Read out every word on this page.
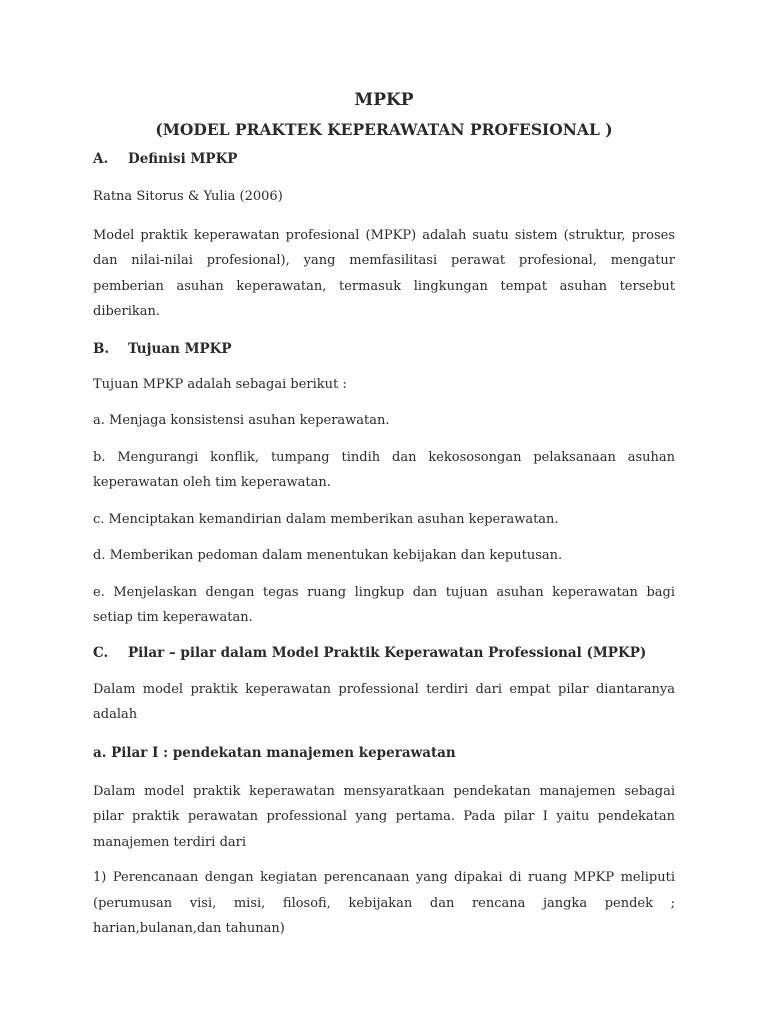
MPKP
(MODEL PRAKTEK KEPERAWATAN PROFESIONAL )
A.	Definisi MPKP

Ratna Sitorus & Yulia (2006)

Model praktik keperawatan profesional (MPKP) adalah suatu sistem (struktur, proses dan nilai-nilai profesional), yang memfasilitasi perawat profesional, mengatur pemberian asuhan keperawatan, termasuk lingkungan tempat asuhan tersebut diberikan.

B.	Tujuan MPKP

Tujuan MPKP adalah sebagai berikut :

a. Menjaga konsistensi asuhan keperawatan.

b. Mengurangi konflik, tumpang tindih dan kekososongan pelaksanaan asuhan keperawatan oleh tim keperawatan.

c. Menciptakan kemandirian dalam memberikan asuhan keperawatan.

d. Memberikan pedoman dalam menentukan kebijakan dan keputusan.

e. Menjelaskan dengan tegas ruang lingkup dan tujuan asuhan keperawatan bagi setiap tim keperawatan.

C.	Pilar – pilar dalam Model Praktik Keperawatan Professional (MPKP)

Dalam model praktik keperawatan professional terdiri dari empat pilar diantaranya adalah

a. Pilar I : pendekatan manajemen keperawatan

Dalam model praktik keperawatan mensyaratkaan pendekatan manajemen sebagai pilar praktik perawatan professional yang pertama. Pada pilar I yaitu pendekatan manajemen terdiri dari

1) Perencanaan dengan kegiatan perencanaan yang dipakai di ruang MPKP meliputi (perumusan visi, misi, filosofi, kebijakan dan rencana jangka pendek ; harian,bulanan,dan tahunan)
